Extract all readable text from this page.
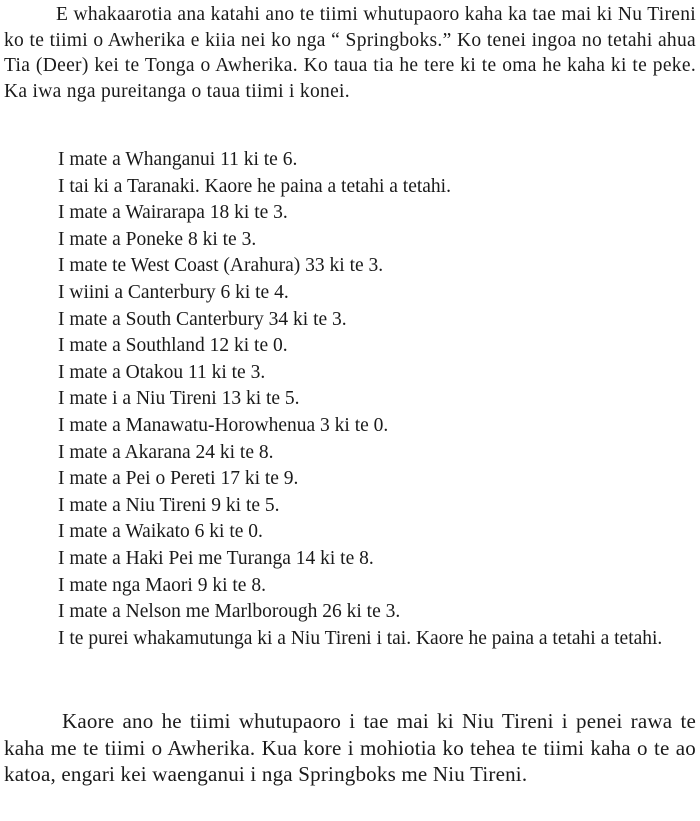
E whakaarotia ana katahi ano te tiimi whutupaoro kaha ka tae mai ki Nu Tireni ko te tiimi o Awherika e kiia nei ko nga “ Springboks.” Ko tenei ingoa no tetahi ahua Tia (Deer) kei te Tonga o Awherika. Ko taua tia he tere ki te oma he kaha ki te peke. Ka iwa nga pureitanga o taua tiimi i konei.

I mate a Whanganui 11 ki te 6.
I tai ki a Taranaki. Kaore he paina a tetahi a tetahi.
I mate a Wairarapa 18 ki te 3.
I mate a Poneke 8 ki te 3.
I mate te West Coast (Arahura) 33 ki te 3.
I wiini a Canterbury 6 ki te 4.
I mate a South Canterbury 34 ki te 3.
I mate a Southland 12 ki te 0.
I mate a Otakou 11 ki te 3.
I mate i a Niu Tireni 13 ki te 5.
I mate a Manawatu-Horowhenua 3 ki te 0.
I mate a Akarana 24 ki te 8.
I mate a Pei o Pereti 17 ki te 9.
I mate a Niu Tireni 9 ki te 5.
I mate a Waikato 6 ki te 0.
I mate a Haki Pei me Turanga 14 ki te 8.
I mate nga Maori 9 ki te 8.
I mate a Nelson me Marlborough 26 ki te 3.
I te purei whakamutunga ki a Niu Tireni i tai. Kaore he paina a tetahi a tetahi.

Kaore ano he tiimi whutupaoro i tae mai ki Niu Tireni i penei rawa te kaha me te tiimi o Awherika. Kua kore i mohiotia ko tehea te tiimi kaha o te ao katoa, engari kei waenganui i nga Springboks me Niu Tireni.
